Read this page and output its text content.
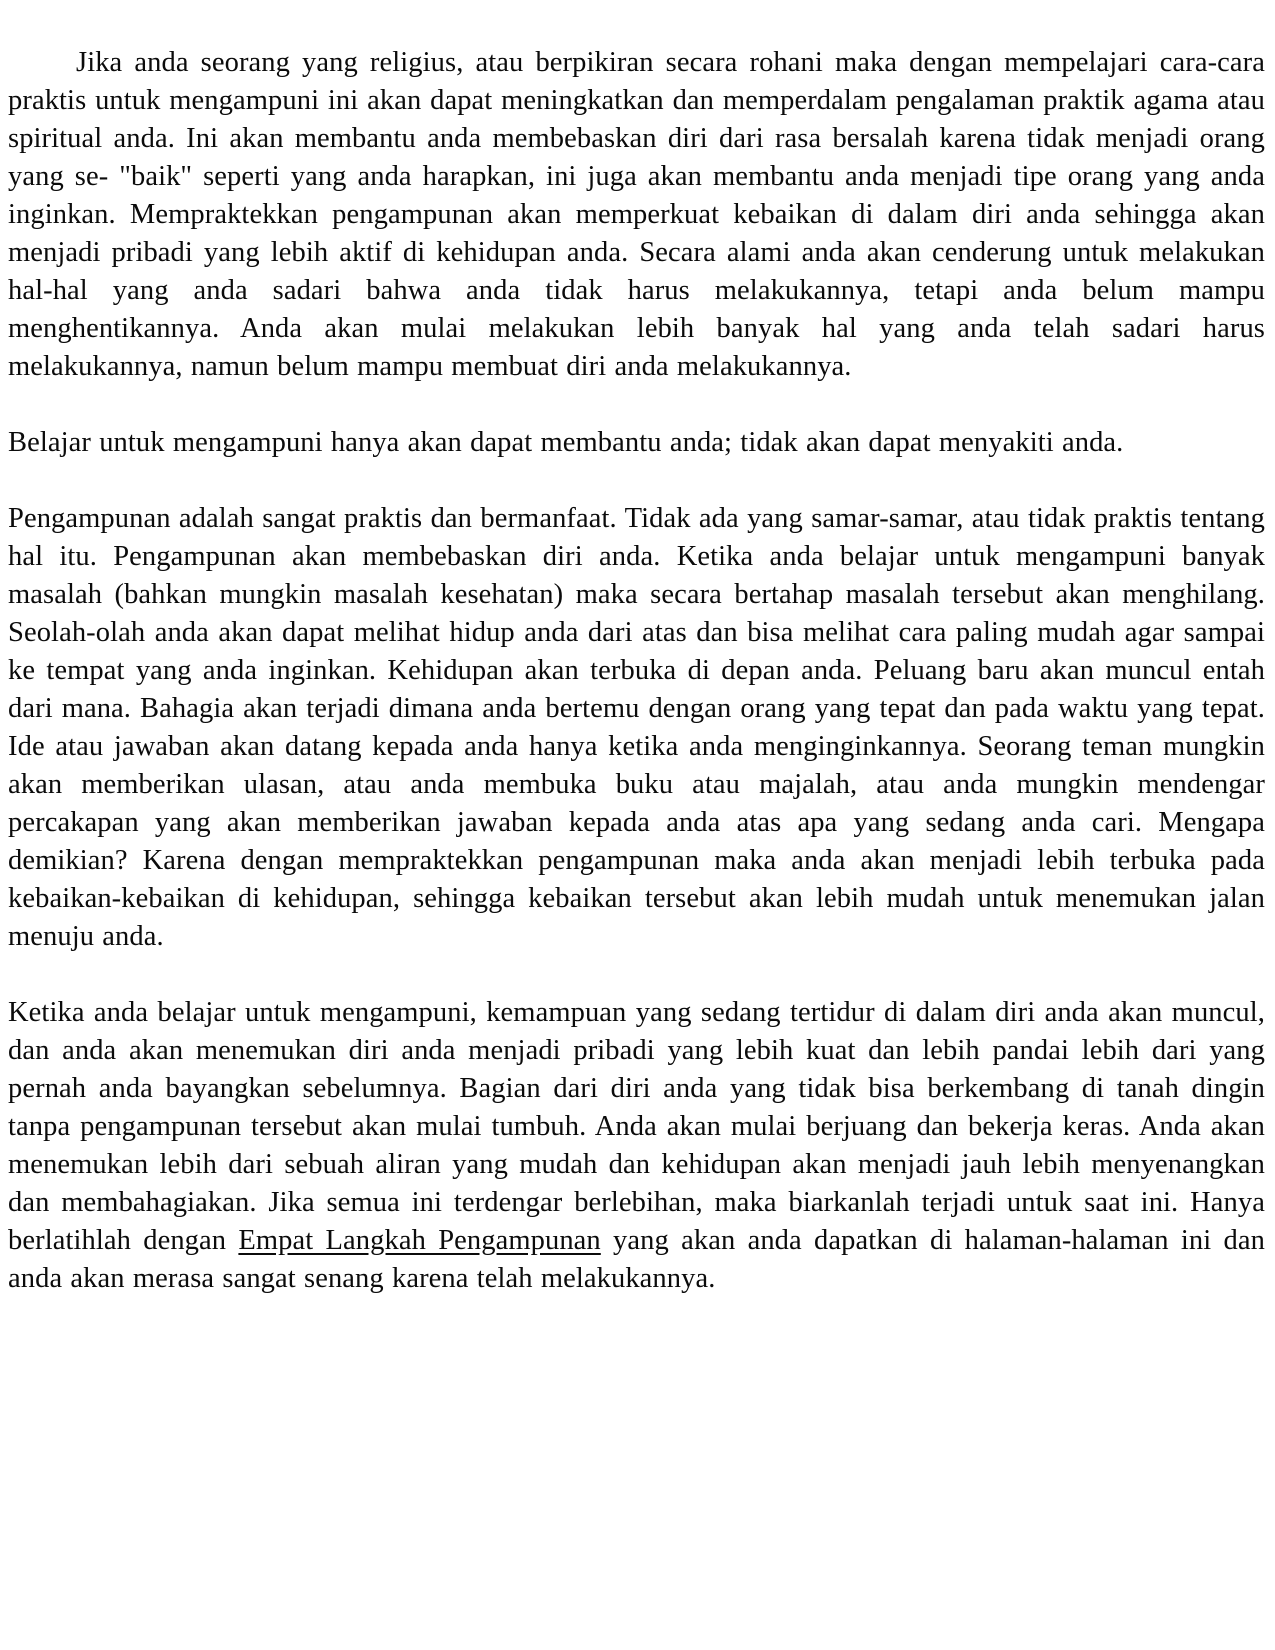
Jika anda seorang yang religius, atau berpikiran secara rohani maka dengan mempelajari cara-cara praktis untuk mengampuni ini akan dapat meningkatkan dan memperdalam pengalaman praktik agama atau spiritual anda. Ini akan membantu anda membebaskan diri dari rasa bersalah karena tidak menjadi orang yang se- "baik" seperti yang anda harapkan, ini juga akan membantu anda menjadi tipe orang yang anda inginkan. Mempraktekkan pengampunan akan memperkuat kebaikan di dalam diri anda sehingga akan menjadi pribadi yang lebih aktif di kehidupan anda. Secara alami anda akan cenderung untuk melakukan hal-hal yang anda sadari bahwa anda tidak harus melakukannya, tetapi anda belum mampu menghentikannya. Anda akan mulai melakukan lebih banyak hal yang anda telah sadari harus melakukannya, namun belum mampu membuat diri anda melakukannya.

Belajar untuk mengampuni hanya akan dapat membantu anda; tidak akan dapat menyakiti anda.

Pengampunan adalah sangat praktis dan bermanfaat. Tidak ada yang samar-samar, atau tidak praktis tentang hal itu. Pengampunan akan membebaskan diri anda. Ketika anda belajar untuk mengampuni banyak masalah (bahkan mungkin masalah kesehatan) maka secara bertahap masalah tersebut akan menghilang. Seolah-olah anda akan dapat melihat hidup anda dari atas dan bisa melihat cara paling mudah agar sampai ke tempat yang anda inginkan. Kehidupan akan terbuka di depan anda. Peluang baru akan muncul entah dari mana. Bahagia akan terjadi dimana anda bertemu dengan orang yang tepat dan pada waktu yang tepat. Ide atau jawaban akan datang kepada anda hanya ketika anda menginginkannya. Seorang teman mungkin akan memberikan ulasan, atau anda membuka buku atau majalah, atau anda mungkin mendengar percakapan yang akan memberikan jawaban kepada anda atas apa yang sedang anda cari. Mengapa demikian? Karena dengan mempraktekkan pengampunan maka anda akan menjadi lebih terbuka pada kebaikan-kebaikan di kehidupan, sehingga kebaikan tersebut akan lebih mudah untuk menemukan jalan menuju anda.

Ketika anda belajar untuk mengampuni, kemampuan yang sedang tertidur di dalam diri anda akan muncul, dan anda akan menemukan diri anda menjadi pribadi yang lebih kuat dan lebih pandai lebih dari yang pernah anda bayangkan sebelumnya. Bagian dari diri anda yang tidak bisa berkembang di tanah dingin tanpa pengampunan tersebut akan mulai tumbuh. Anda akan mulai berjuang dan bekerja keras. Anda akan menemukan lebih dari sebuah aliran yang mudah dan kehidupan akan menjadi jauh lebih menyenangkan dan membahagiakan. Jika semua ini terdengar berlebihan, maka biarkanlah terjadi untuk saat ini. Hanya berlatihlah dengan Empat Langkah Pengampunan yang akan anda dapatkan di halaman-halaman ini dan anda akan merasa sangat senang karena telah melakukannya.
